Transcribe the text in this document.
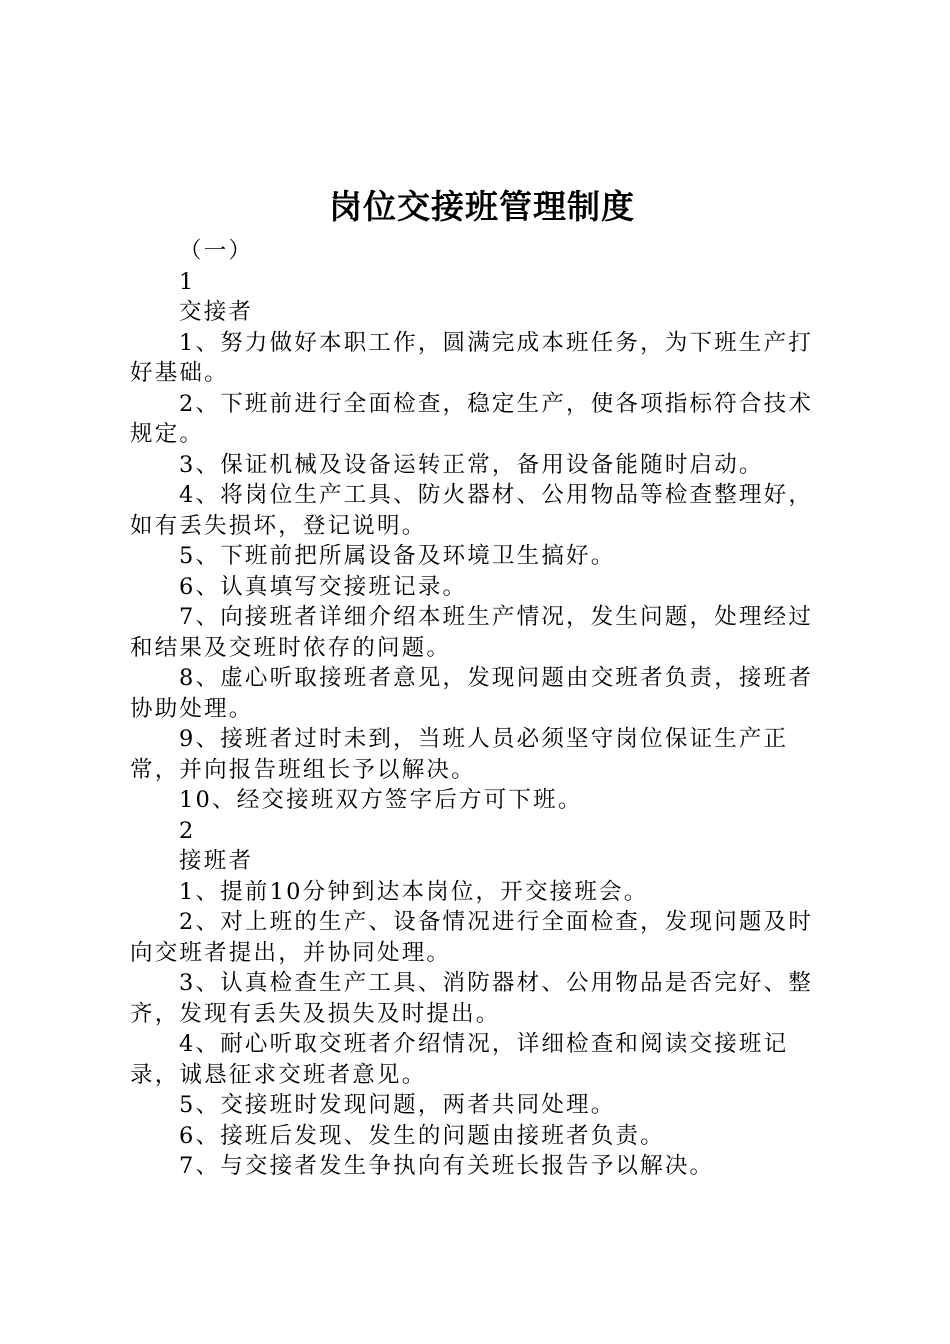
岗位交接班管理制度

（一）

1

交接者

1、努力做好本职工作，圆满完成本班任务，为下班生产打好基础。

2、下班前进行全面检查，稳定生产，使各项指标符合技术规定。

3、保证机械及设备运转正常，备用设备能随时启动。

4、将岗位生产工具、防火器材、公用物品等检查整理好，如有丢失损坏，登记说明。

5、下班前把所属设备及环境卫生搞好。

6、认真填写交接班记录。

7、向接班者详细介绍本班生产情况，发生问题，处理经过和结果及交班时依存的问题。

8、虚心听取接班者意见，发现问题由交班者负责，接班者协助处理。

9、接班者过时未到，当班人员必须坚守岗位保证生产正常，并向报告班组长予以解决。

10、经交接班双方签字后方可下班。

2

接班者

1、提前10分钟到达本岗位，开交接班会。

2、对上班的生产、设备情况进行全面检查，发现问题及时向交班者提出，并协同处理。

3、认真检查生产工具、消防器材、公用物品是否完好、整齐，发现有丢失及损失及时提出。

4、耐心听取交班者介绍情况，详细检查和阅读交接班记录，诚恳征求交班者意见。

5、交接班时发现问题，两者共同处理。

6、接班后发现、发生的问题由接班者负责。

7、与交接者发生争执向有关班长报告予以解决。
